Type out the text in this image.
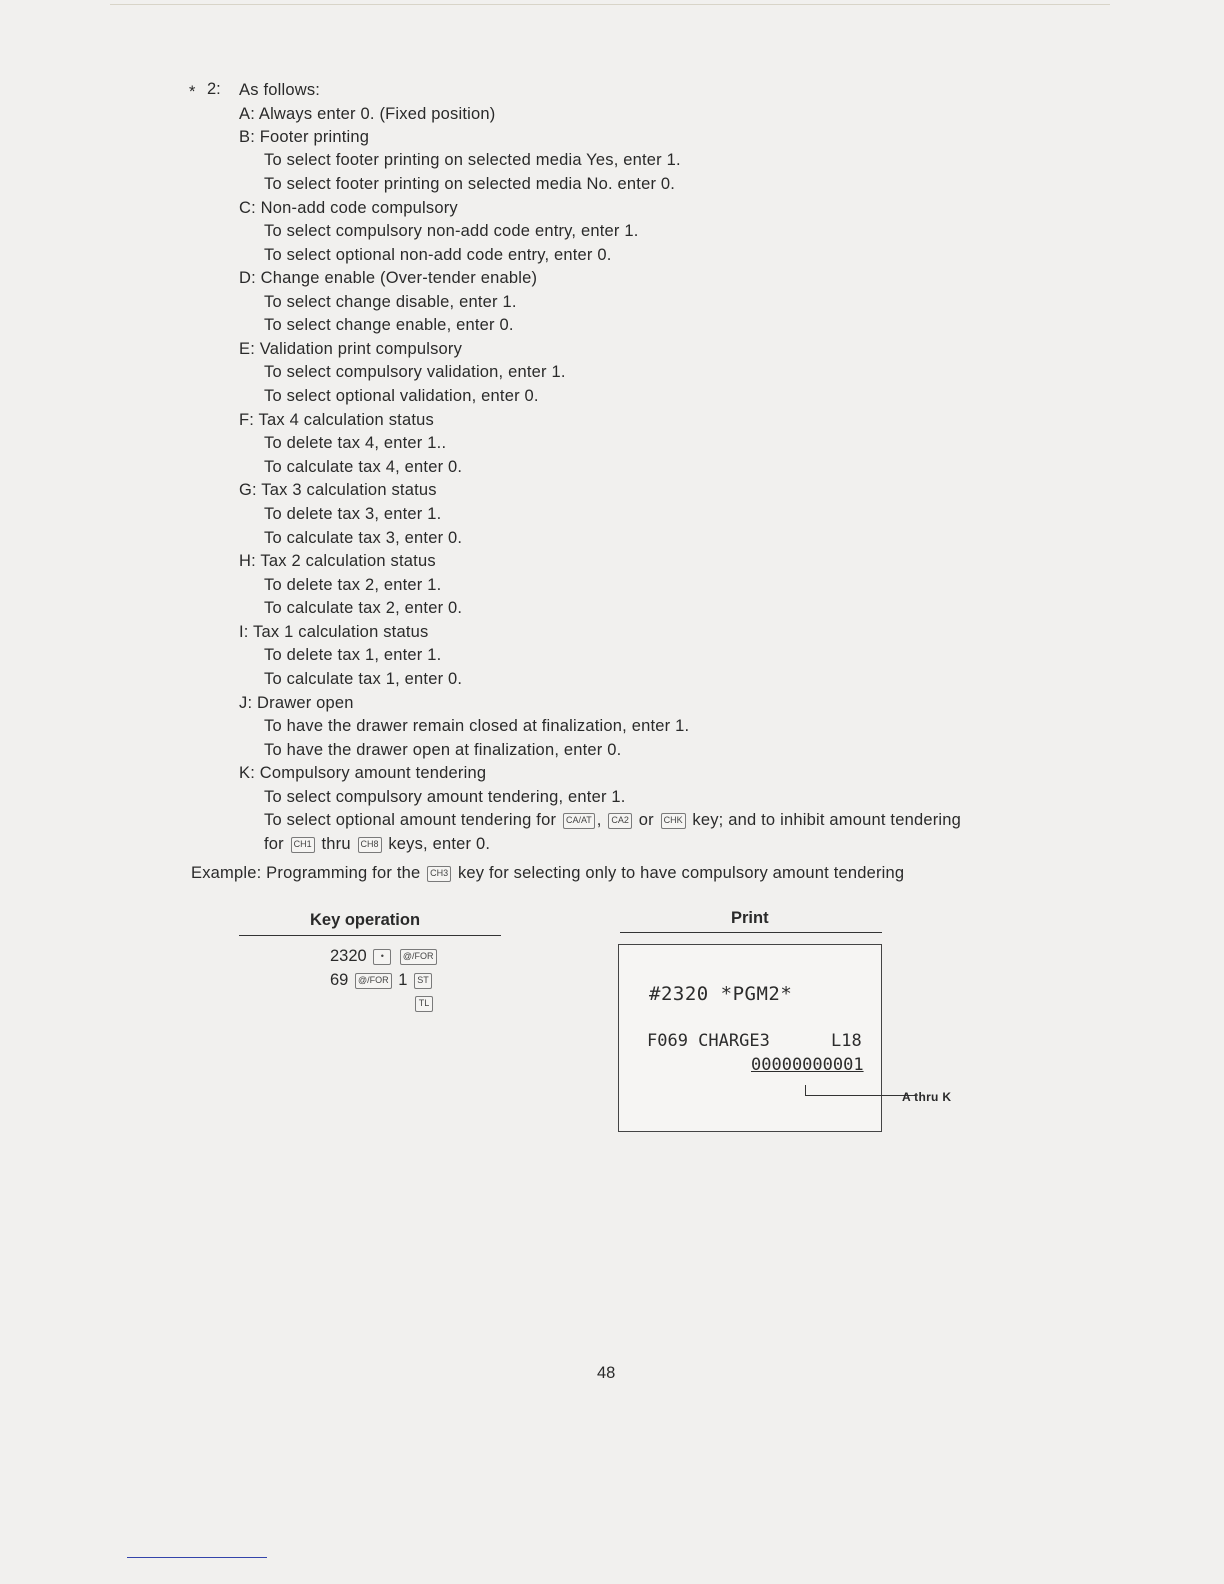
* 2: As follows:
A: Always enter 0. (Fixed position)
B: Footer printing
To select footer printing on selected media Yes, enter 1.
To select footer printing on selected media No. enter 0.
C: Non-add code compulsory
To select compulsory non-add code entry, enter 1.
To select optional non-add code entry, enter 0.
D: Change enable (Over-tender enable)
To select change disable, enter 1.
To select change enable, enter 0.
E: Validation print compulsory
To select compulsory validation, enter 1.
To select optional validation, enter 0.
F: Tax 4 calculation status
To delete tax 4, enter 1..
To calculate tax 4, enter 0.
G: Tax 3 calculation status
To delete tax 3, enter 1.
To calculate tax 3, enter 0.
H: Tax 2 calculation status
To delete tax 2, enter 1.
To calculate tax 2, enter 0.
I: Tax 1 calculation status
To delete tax 1, enter 1.
To calculate tax 1, enter 0.
J: Drawer open
To have the drawer remain closed at finalization, enter 1.
To have the drawer open at finalization, enter 0.
K: Compulsory amount tendering
To select compulsory amount tendering, enter 1.
To select optional amount tendering for CA/AT , CA2 or CHK key; and to inhibit amount tendering
for CH1 thru CH8 keys, enter 0.
Example: Programming for the CH3 key for selecting only to have compulsory amount tendering
Key operation
2320 • @/FOR
69 @/FOR 1 ST
TL
Print
#2320 *PGM2*
F069 CHARGE3	L18
00000000001
A thru K
48
